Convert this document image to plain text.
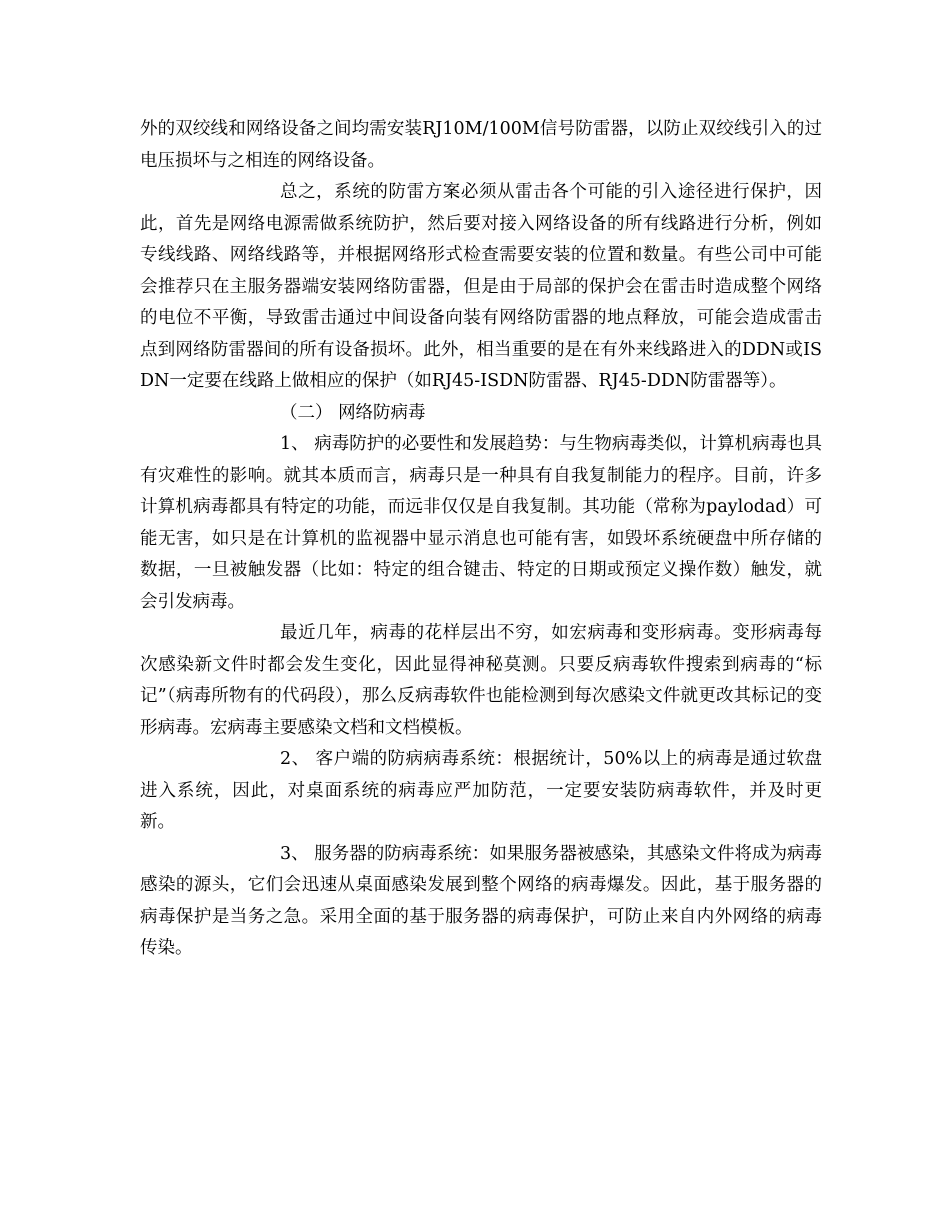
外的双绞线和网络设备之间均需安装RJ10M/100M信号防雷器，以防止双绞线引入的过电压损坏与之相连的网络设备。

总之，系统的防雷方案必须从雷击各个可能的引入途径进行保护，因此，首先是网络电源需做系统防护，然后要对接入网络设备的所有线路进行分析，例如专线线路、网络线路等，并根据网络形式检查需要安装的位置和数量。有些公司中可能会推荐只在主服务器端安装网络防雷器，但是由于局部的保护会在雷击时造成整个网络的电位不平衡，导致雷击通过中间设备向装有网络防雷器的地点释放，可能会造成雷击点到网络防雷器间的所有设备损坏。此外，相当重要的是在有外来线路进入的DDN或ISDN一定要在线路上做相应的保护（如RJ45-ISDN防雷器、RJ45-DDN防雷器等）。

（二） 网络防病毒

1、 病毒防护的必要性和发展趋势：与生物病毒类似，计算机病毒也具有灾难性的影响。就其本质而言，病毒只是一种具有自我复制能力的程序。目前，许多计算机病毒都具有特定的功能，而远非仅仅是自我复制。其功能（常称为paylodad）可能无害，如只是在计算机的监视器中显示消息也可能有害，如毁坏系统硬盘中所存储的数据，一旦被触发器（比如：特定的组合键击、特定的日期或预定义操作数）触发，就会引发病毒。

最近几年，病毒的花样层出不穷，如宏病毒和变形病毒。变形病毒每次感染新文件时都会发生变化，因此显得神秘莫测。只要反病毒软件搜索到病毒的“标记”（病毒所物有的代码段），那么反病毒软件也能检测到每次感染文件就更改其标记的变形病毒。宏病毒主要感染文档和文档模板。

2、 客户端的防病病毒系统：根据统计，50%以上的病毒是通过软盘进入系统，因此，对桌面系统的病毒应严加防范，一定要安装防病毒软件，并及时更新。

3、 服务器的防病毒系统：如果服务器被感染，其感染文件将成为病毒感染的源头，它们会迅速从桌面感染发展到整个网络的病毒爆发。因此，基于服务器的病毒保护是当务之急。采用全面的基于服务器的病毒保护，可防止来自内外网络的病毒传染。
